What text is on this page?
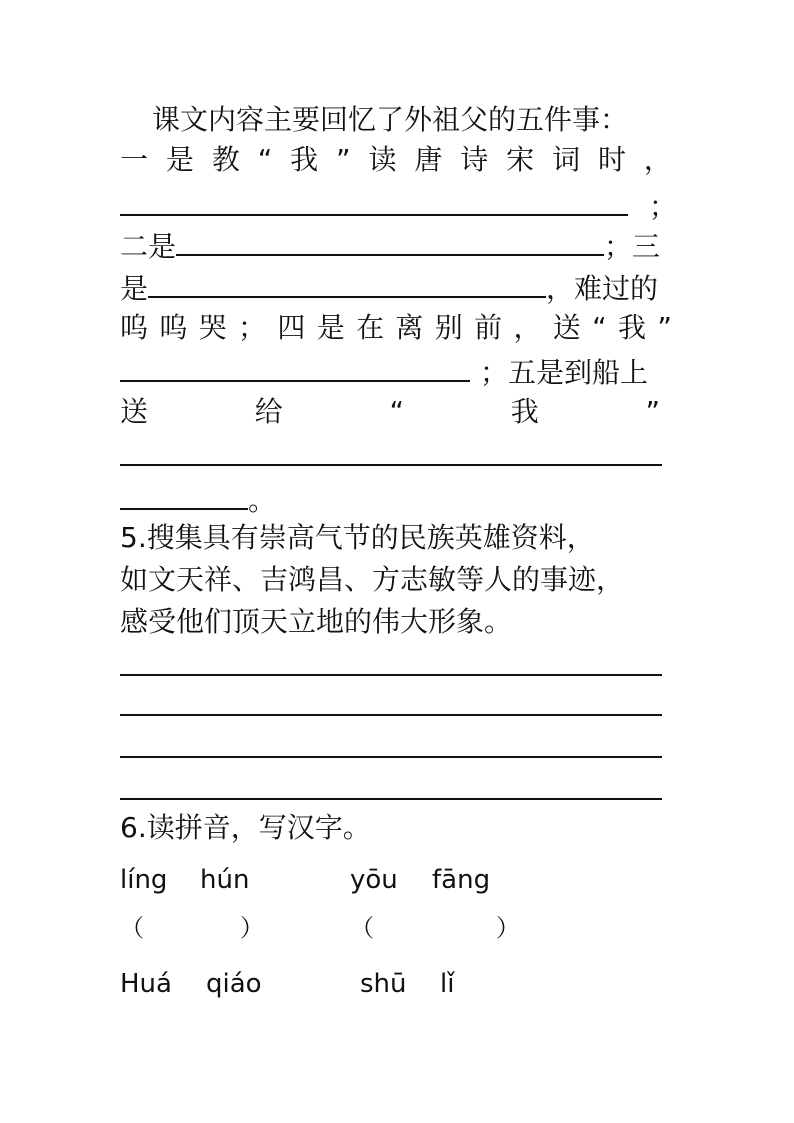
课文内容主要回忆了外祖父的五件事：
一 是 教 “ 我 ” 读 唐 诗 宋 词 时 ，
；
二是	；三
是	，难过的
呜 呜 哭 ； 四 是 在 离 别 前 ， 送 “ 我 ”
；五是到船上
送	给	“	我	”
。
5.搜集具有崇高气节的民族英雄资料，
如文天祥、吉鸿昌、方志敏等人的事迹，
感受他们顶天立地的伟大形象。
6.读拼音，写汉字。
líng hún	yōu fāng
（	）	（	）
Huá qiáo	shū lǐ
